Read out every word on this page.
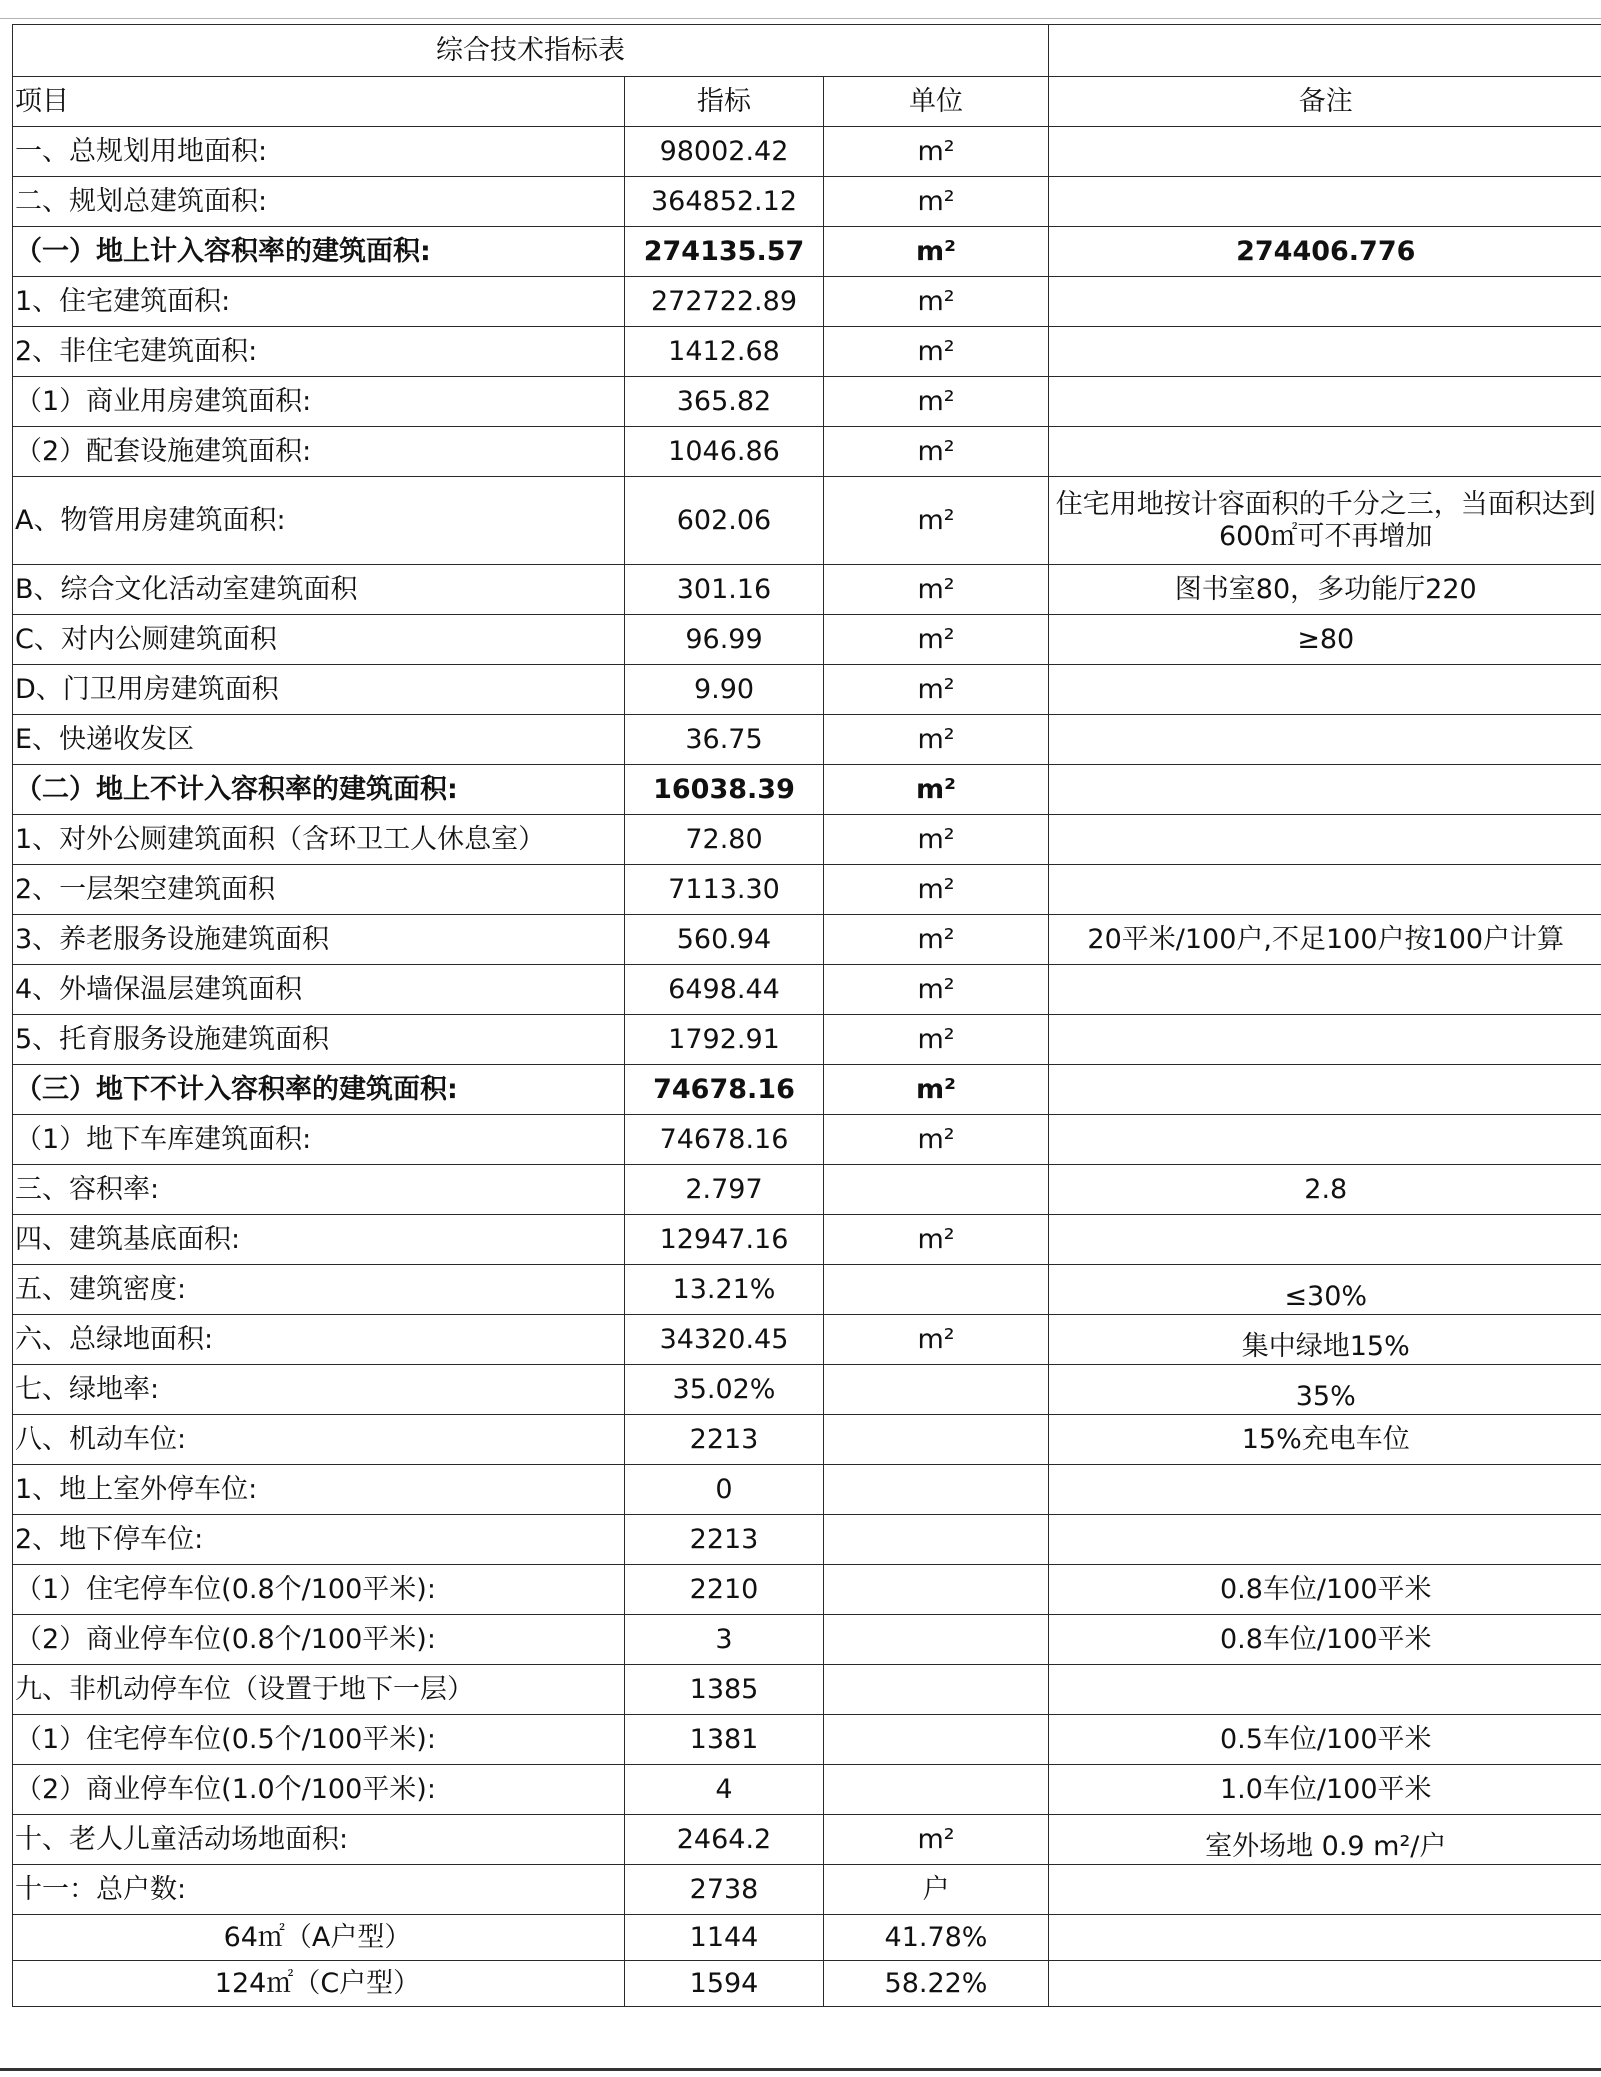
综合技术指标表			
项目	指标	单位	备注
一、总规划用地面积:	98002.42	m²	
二、规划总建筑面积:	364852.12	m²	
（一）地上计入容积率的建筑面积:	274135.57	m²	274406.776
1、住宅建筑面积:	272722.89	m²	
2、非住宅建筑面积:	1412.68	m²	
（1）商业用房建筑面积:	365.82	m²	
（2）配套设施建筑面积:	1046.86	m²	
A、物管用房建筑面积:	602.06	m²	住宅用地按计容面积的千分之三，当面积达到600㎡可不再增加
B、综合文化活动室建筑面积	301.16	m²	图书室80，多功能厅220
C、对内公厕建筑面积	96.99	m²	≥80
D、门卫用房建筑面积	9.90	m²	
E、快递收发区	36.75	m²	
（二）地上不计入容积率的建筑面积:	16038.39	m²	
1、对外公厕建筑面积（含环卫工人休息室）	72.80	m²	
2、一层架空建筑面积	7113.30	m²	
3、养老服务设施建筑面积	560.94	m²	20平米/100户,不足100户按100户计算
4、外墙保温层建筑面积	6498.44	m²	
5、托育服务设施建筑面积	1792.91	m²	
（三）地下不计入容积率的建筑面积:	74678.16	m²	
（1）地下车库建筑面积:	74678.16	m²	
三、容积率:	2.797		2.8
四、建筑基底面积:	12947.16	m²	
五、建筑密度:	13.21%		≤30%
六、总绿地面积:	34320.45	m²	集中绿地15%
七、绿地率:	35.02%		35%
八、机动车位:	2213		15%充电车位
1、地上室外停车位:	0		
2、地下停车位:	2213		
（1）住宅停车位(0.8个/100平米):	2210		0.8车位/100平米
（2）商业停车位(0.8个/100平米):	3		0.8车位/100平米
九、非机动停车位（设置于地下一层）	1385		
（1）住宅停车位(0.5个/100平米):	1381		0.5车位/100平米
（2）商业停车位(1.0个/100平米):	4		1.0车位/100平米
十、老人儿童活动场地面积:	2464.2	m²	室外场地 0.9 m²/户
十一：总户数:	2738	户	
64㎡（A户型）	1144	41.78%	
124㎡（C户型）	1594	58.22%	
